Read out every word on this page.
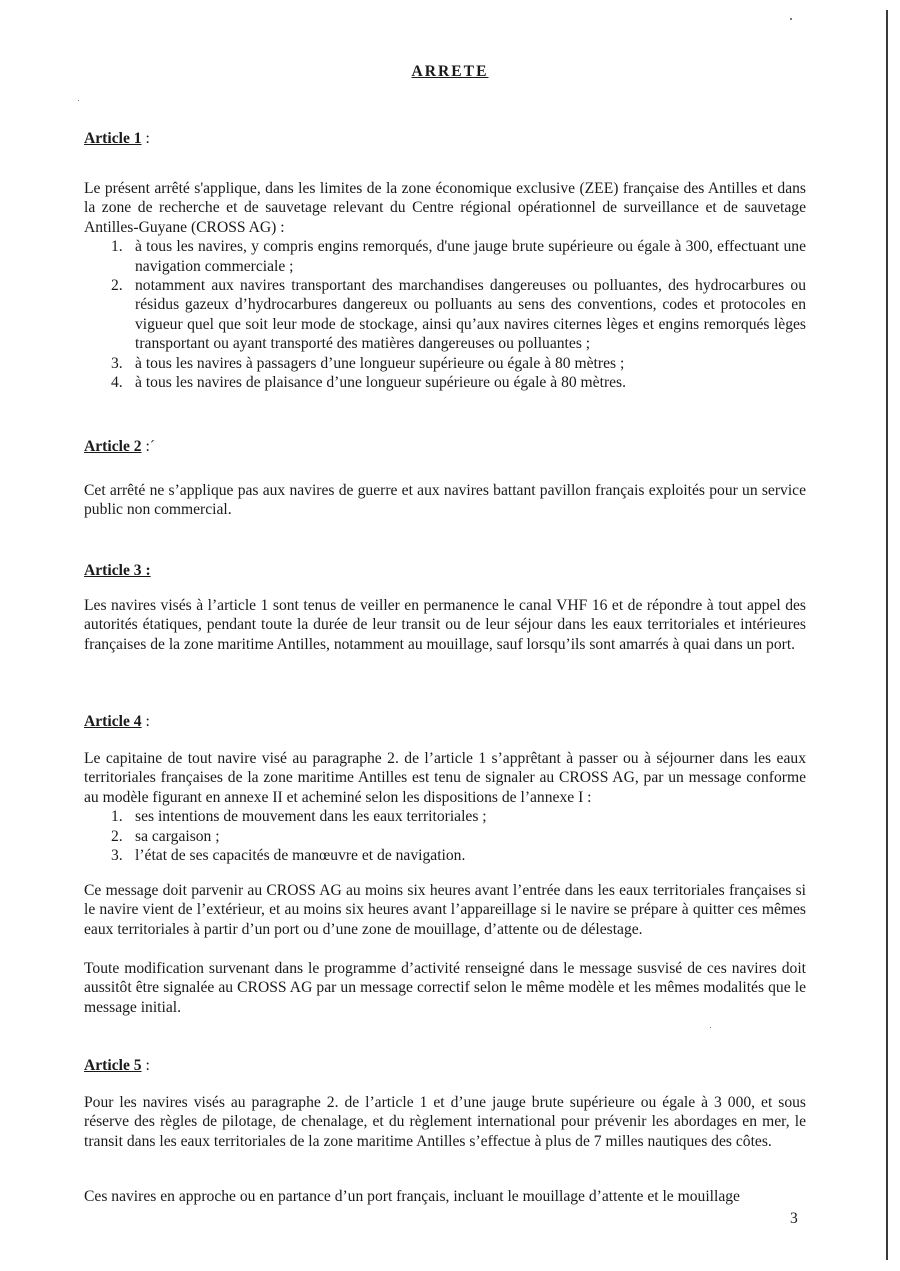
ARRETE
Article 1 :

Le présent arrêté s'applique, dans les limites de la zone économique exclusive (ZEE) française des Antilles et dans la zone de recherche et de sauvetage relevant du Centre régional opérationnel de surveillance et de sauvetage Antilles-Guyane (CROSS AG) :

1. à tous les navires, y compris engins remorqués, d'une jauge brute supérieure ou égale à 300, effectuant une navigation commerciale ;
2. notamment aux navires transportant des marchandises dangereuses ou polluantes, des hydrocarbures ou résidus gazeux d’hydrocarbures dangereux ou polluants au sens des conventions, codes et protocoles en vigueur quel que soit leur mode de stockage, ainsi qu’aux navires citernes lèges et engins remorqués lèges transportant ou ayant transporté des matières dangereuses ou polluantes ;
3. à tous les navires à passagers d’une longueur supérieure ou égale à 80 mètres ;
4. à tous les navires de plaisance d’une longueur supérieure ou égale à 80 mètres.
Article 2 :´

Cet arrêté ne s’applique pas aux navires de guerre et aux navires battant pavillon français exploités pour un service public non commercial.

Article 3 :

Les navires visés à l’article 1 sont tenus de veiller en permanence le canal VHF 16 et de répondre à tout appel des autorités étatiques, pendant toute la durée de leur transit ou de leur séjour dans les eaux territoriales et intérieures françaises de la zone maritime Antilles, notamment au mouillage, sauf lorsqu’ils sont amarrés à quai dans un port.

Article 4 :

Le capitaine de tout navire visé au paragraphe 2. de l’article 1 s’apprêtant à passer ou à séjourner dans les eaux territoriales françaises de la zone maritime Antilles est tenu de signaler au CROSS AG, par un message conforme au modèle figurant en annexe II et acheminé selon les dispositions de l’annexe I :

1. ses intentions de mouvement dans les eaux territoriales ;
2. sa cargaison ;
3. l’état de ses capacités de manœuvre et de navigation.

Ce message doit parvenir au CROSS AG au moins six heures avant l’entrée dans les eaux territoriales françaises si le navire vient de l’extérieur, et au moins six heures avant l’appareillage si le navire se prépare à quitter ces mêmes eaux territoriales à partir d’un port ou d’une zone de mouillage, d’attente ou de délestage.

Toute modification survenant dans le programme d’activité renseigné dans le message susvisé de ces navires doit aussitôt être signalée au CROSS AG par un message correctif selon le même modèle et les mêmes modalités que le message initial.

Article 5 :

Pour les navires visés au paragraphe 2. de l’article 1 et d’une jauge brute supérieure ou égale à 3 000, et sous réserve des règles de pilotage, de chenalage, et du règlement international pour prévenir les abordages en mer, le transit dans les eaux territoriales de la zone maritime Antilles s’effectue à plus de 7 milles nautiques des côtes.

Ces navires en approche ou en partance d’un port français, incluant le mouillage d’attente et le mouillage

3
